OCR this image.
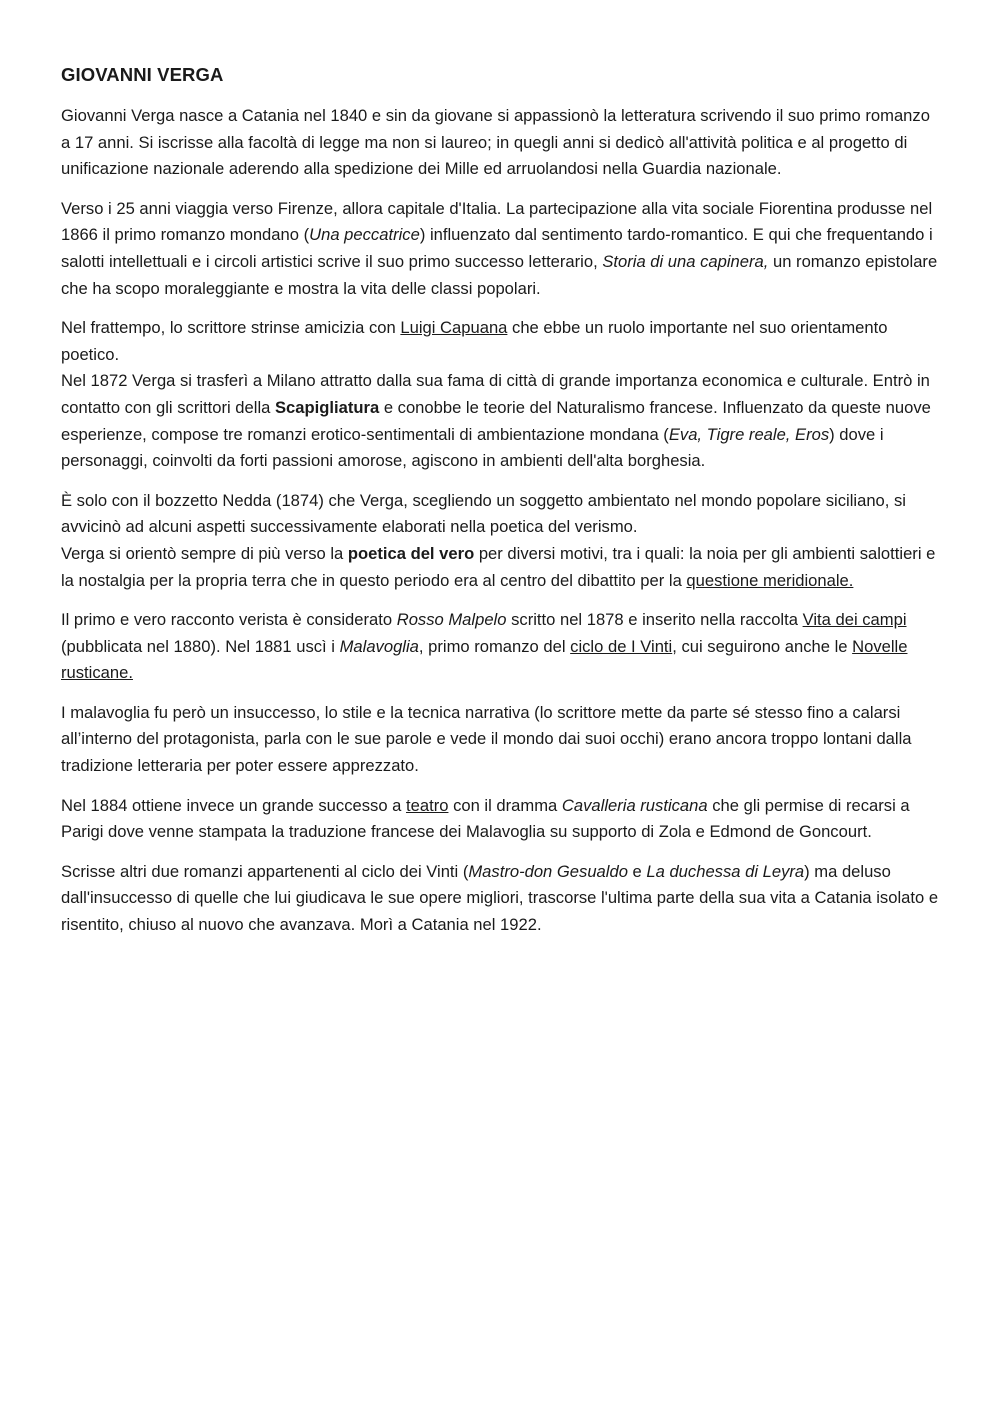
GIOVANNI VERGA

Giovanni Verga nasce a Catania nel 1840 e sin da giovane si appassionò la letteratura scrivendo il suo primo romanzo a 17 anni. Si iscrisse alla facoltà di legge ma non si laureo; in quegli anni si dedicò all'attività politica e al progetto di unificazione nazionale aderendo alla spedizione dei Mille ed arruolandosi nella Guardia nazionale.

Verso i 25 anni viaggia verso Firenze, allora capitale d'Italia. La partecipazione alla vita sociale Fiorentina produsse nel 1866 il primo romanzo mondano (Una peccatrice) influenzato dal sentimento tardo-romantico. E qui che frequentando i salotti intellettuali e i circoli artistici scrive il suo primo successo letterario, Storia di una capinera, un romanzo epistolare che ha scopo moraleggiante e mostra la vita delle classi popolari.

Nel frattempo, lo scrittore strinse amicizia con Luigi Capuana che ebbe un ruolo importante nel suo orientamento poetico.

Nel 1872 Verga si trasferì a Milano attratto dalla sua fama di città di grande importanza economica e culturale. Entrò in contatto con gli scrittori della Scapigliatura e conobbe le teorie del Naturalismo francese. Influenzato da queste nuove esperienze, compose tre romanzi erotico-sentimentali di ambientazione mondana (Eva, Tigre reale, Eros) dove i personaggi, coinvolti da forti passioni amorose, agiscono in ambienti dell'alta borghesia.

È solo con il bozzetto Nedda (1874) che Verga, scegliendo un soggetto ambientato nel mondo popolare siciliano, si avvicinò ad alcuni aspetti successivamente elaborati nella poetica del verismo.

Verga si orientò sempre di più verso la poetica del vero per diversi motivi, tra i quali: la noia per gli ambienti salottieri e la nostalgia per la propria terra che in questo periodo era al centro del dibattito per la questione meridionale.

Il primo e vero racconto verista è considerato Rosso Malpelo scritto nel 1878 e inserito nella raccolta Vita dei campi (pubblicata nel 1880). Nel 1881 uscì i Malavoglia, primo romanzo del ciclo de I Vinti, cui seguirono anche le Novelle rusticane.

I malavoglia fu però un insuccesso, lo stile e la tecnica narrativa (lo scrittore mette da parte sé stesso fino a calarsi all’interno del protagonista, parla con le sue parole e vede il mondo dai suoi occhi) erano ancora troppo lontani dalla tradizione letteraria per poter essere apprezzato.

Nel 1884 ottiene invece un grande successo a teatro con il dramma Cavalleria rusticana che gli permise di recarsi a Parigi dove venne stampata la traduzione francese dei Malavoglia su supporto di Zola e Edmond de Goncourt.

Scrisse altri due romanzi appartenenti al ciclo dei Vinti (Mastro-don Gesualdo e La duchessa di Leyra) ma deluso dall'insuccesso di quelle che lui giudicava le sue opere migliori, trascorse l'ultima parte della sua vita a Catania isolato e risentito, chiuso al nuovo che avanzava. Morì a Catania nel 1922.
